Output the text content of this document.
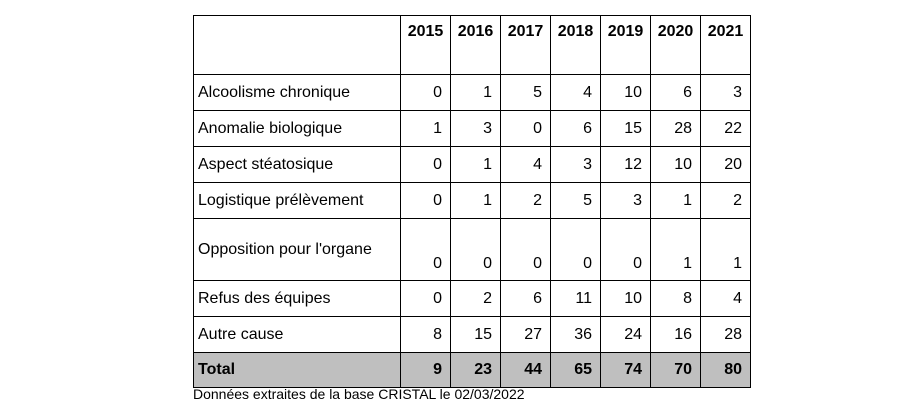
	2015	2016	2017	2018	2019	2020	2021
Alcoolisme chronique	0	1	5	4	10	6	3
Anomalie biologique	1	3	0	6	15	28	22
Aspect stéatosique	0	1	4	3	12	10	20
Logistique prélèvement	0	1	2	5	3	1	2
Opposition pour l'organe	0	0	0	0	0	1	1
Refus des équipes	0	2	6	11	10	8	4
Autre cause	8	15	27	36	24	16	28
Total	9	23	44	65	74	70	80
Données extraites de la base CRISTAL le 02/03/2022
